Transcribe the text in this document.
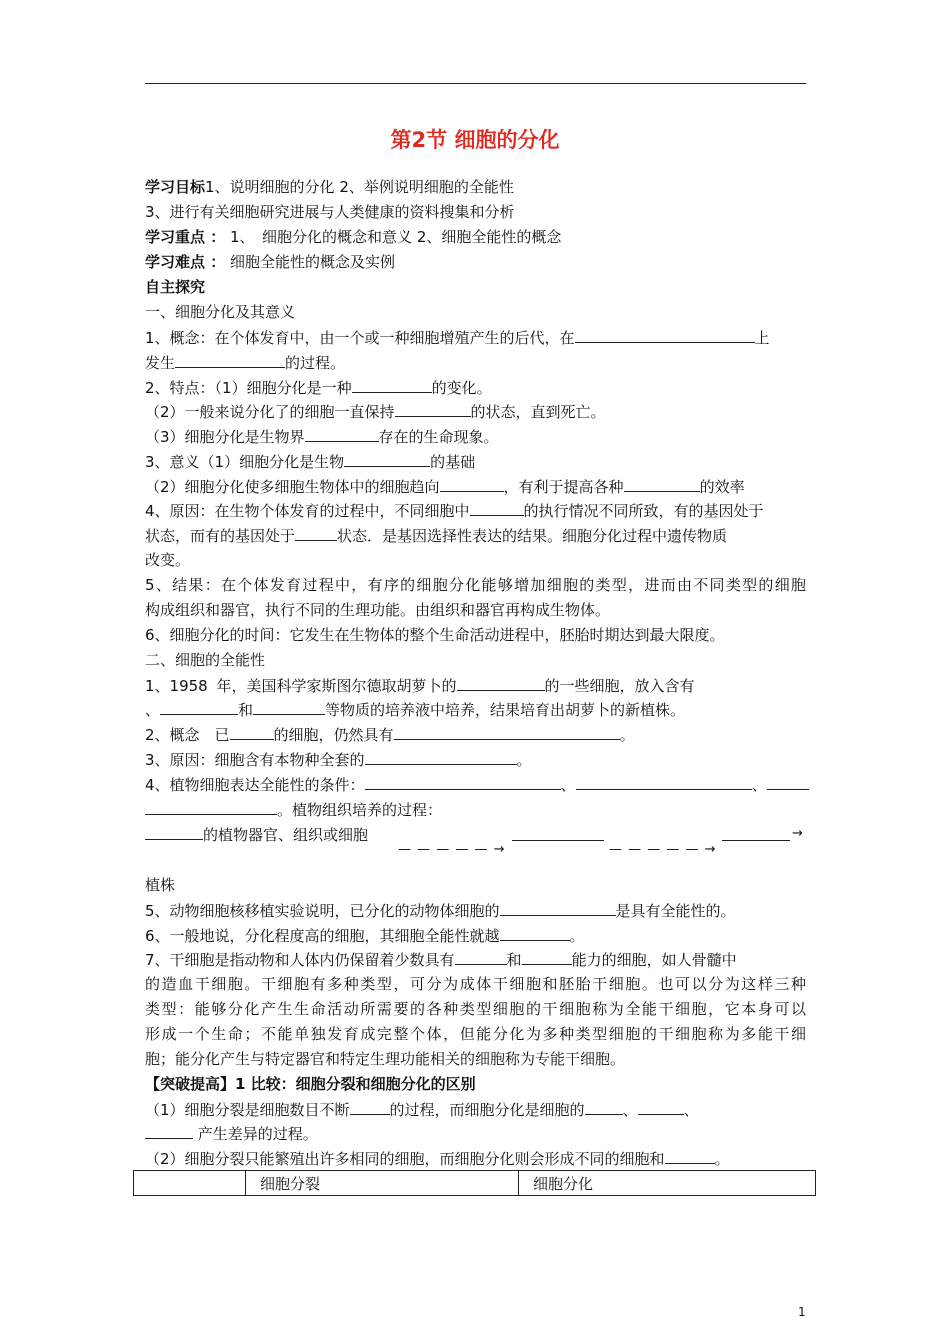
第2节 细胞的分化
学习目标1、说明细胞的分化 2、举例说明细胞的全能性
3、进行有关细胞研究进展与人类健康的资料搜集和分析
学习重点 ： 1、　细胞分化的概念和意义 2、细胞全能性的概念
学习难点 ： 细胞全能性的概念及实例
自主探究
一、细胞分化及其意义
1、概念：在个体发育中，由一个或一种细胞增殖产生的后代，在	上
发生	的过程。
2、特点：（1）细胞分化是一种	的变化。
（2）一般来说分化了的细胞一直保持	的状态，直到死亡。
（3）细胞分化是生物界	存在的生命现象。
3、意义（1）细胞分化是生物	的基础
（2）细胞分化使多细胞生物体中的细胞趋向	，有利于提高各种	的效率
4、原因：在生物个体发育的过程中，不同细胞中	的执行情况不同所致，有的基因处于
状态，而有的基因处于	状态．是基因选择性表达的结果。细胞分化过程中遗传物质
改变。
5、结果：在个体发育过程中，有序的细胞分化能够增加细胞的类型，进而由不同类型的细胞
构成组织和器官，执行不同的生理功能。由组织和器官再构成生物体。
6、细胞分化的时间：它发生在生物体的整个生命活动进程中，胚胎时期达到最大限度。
二、细胞的全能性
1、1958 年，美国科学家斯图尔德取胡萝卜的	的一些细胞，放入含有
、	和	等物质的培养液中培养，结果培育出胡萝卜的新植株。
2、概念　已	的细胞，仍然具有	。
3、原因：细胞含有本物种全套的	。
4、植物细胞表达全能性的条件：	、	、
。植物组织培养的过程：
的植物器官、组织或细胞
— — — — — →	— — — — — →
→
植株
5、动物细胞核移植实验说明，已分化的动物体细胞的	是具有全能性的。
6、一般地说，分化程度高的细胞，其细胞全能性就越	。
7、干细胞是指动物和人体内仍保留着少数具有	和	能力的细胞，如人骨髓中
的造血干细胞。干细胞有多种类型，可分为成体干细胞和胚胎干细胞。也可以分为这样三种
类型：能够分化产生生命活动所需要的各种类型细胞的干细胞称为全能干细胞，它本身可以
形成一个生命；不能单独发育成完整个体，但能分化为多种类型细胞的干细胞称为多能干细
胞；能分化产生与特定器官和特定生理功能相关的细胞称为专能干细胞。
【突破提高】1 比较：细胞分裂和细胞分化的区别
（1）细胞分裂是细胞数目不断	的过程，而细胞分化是细胞的	、	、
产生差异的过程。
（2）细胞分裂只能繁殖出许多相同的细胞，而细胞分化则会形成不同的细胞和	。
	细胞分裂	细胞分化
1
